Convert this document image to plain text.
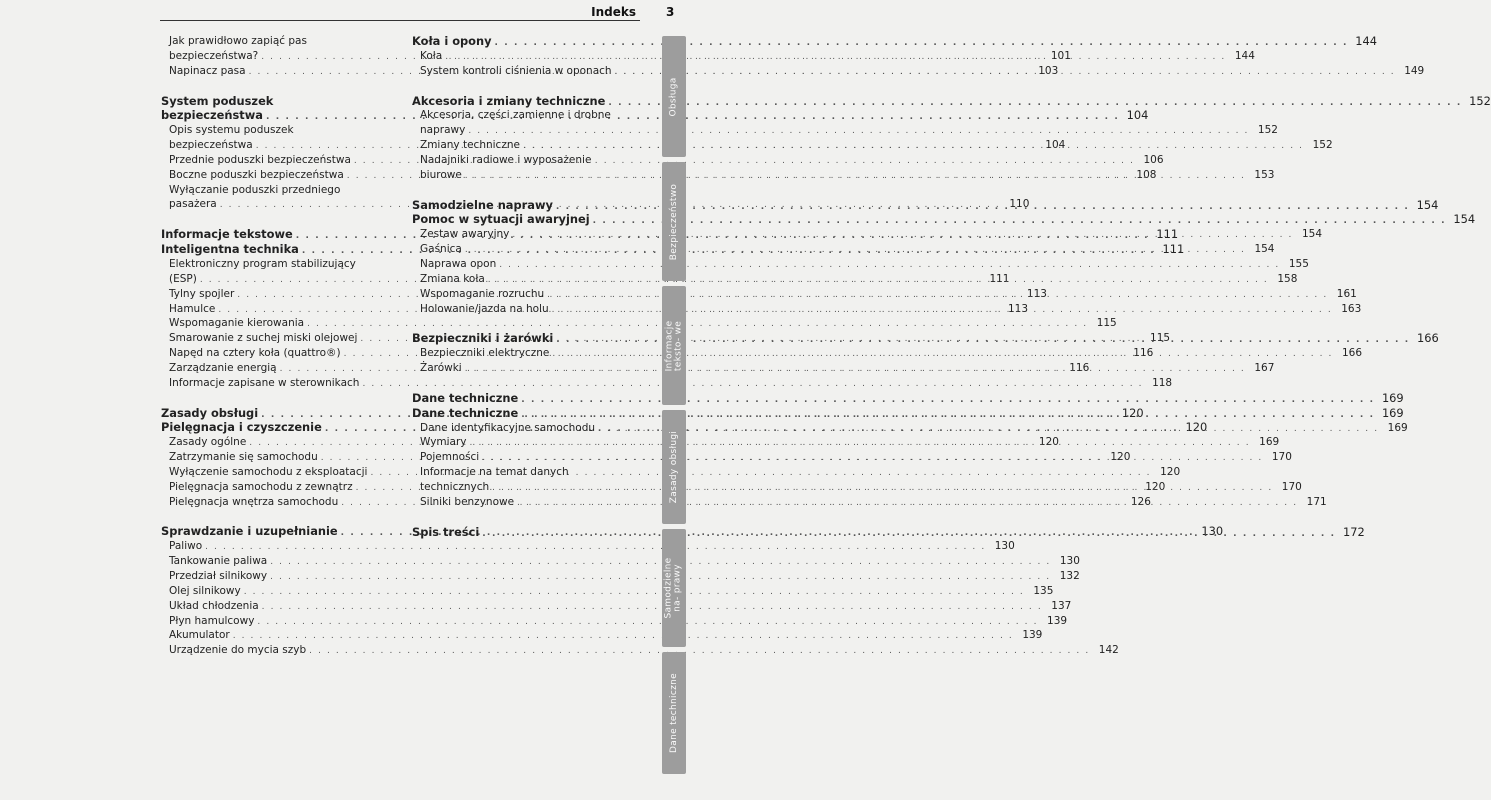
Indeks	3
Jak prawidłowo zapiąć pas
bezpieczeństwa? . . .	101
Napinacz pasa . . .	103
System poduszek
bezpieczeństwa . . .	104
Opis systemu poduszek
bezpieczeństwa . . .	104
Przednie poduszki bezpieczeństwa . . .	106
Boczne poduszki bezpieczeństwa . . .	108
Wyłączanie poduszki przedniego
pasażera . . .	110
Informacje tekstowe . . .	111
Inteligentna technika . . .	111
Elektroniczny program stabilizujący
(ESP) . . .	111
Tylny spojler . . .	113
Hamulce . . .	113
Wspomaganie kierowania . . .	115
Smarowanie z suchej miski olejowej . . .	115
Napęd na cztery koła (quattro®) . . .	116
Zarządzanie energią . . .	116
Informacje zapisane w sterownikach . . .	118
Zasady obsługi . . .	120
Pielęgnacja i czyszczenie . . .	120
Zasady ogólne . . .	120
Zatrzymanie się samochodu . . .	120
Wyłączenie samochodu z eksploatacji . . .	120
Pielęgnacja samochodu z zewnątrz . . .	120
Pielęgnacja wnętrza samochodu . . .	126
Sprawdzanie i uzupełnianie . . .	130
Paliwo . . .	130
Tankowanie paliwa . . .	130
Przedział silnikowy . . .	132
Olej silnikowy . . .	135
Układ chłodzenia . . .	137
Płyn hamulcowy . . .	139
Akumulator . . .	139
Urządzenie do mycia szyb . . .	142
Koła i opony . . .	144
Koła . . .	144
System kontroli ciśnienia w oponach . . .	149
Akcesoria i zmiany techniczne . . .	152
Akcesoria, części zamienne i drobne
naprawy . . .	152
Zmiany techniczne . . .	152
Nadajniki radiowe i wyposażenie
biurowe . . .	153
Samodzielne naprawy . . .	154
Pomoc w sytuacji awaryjnej . . .	154
Zestaw awaryjny . . .	154
Gaśnica . . .	154
Naprawa opon . . .	155
Zmiana koła . . .	158
Wspomaganie rozruchu . . .	161
Holowanie/jazda na holu . . .	163
Bezpieczniki i żarówki . . .	166
Bezpieczniki elektryczne . . .	166
Żarówki . . .	167
Dane techniczne . . .	169
Dane techniczne . . .	169
Dane identyfikacyjne samochodu . . .	169
Wymiary . . .	169
Pojemności . . .	170
Informacje na temat danych
technicznych . . .	170
Silniki benzynowe . . .	171
Spis treści . . .	172
Obsługa
Bezpieczeństwo
Informacje teksto- we
Zasady obsługi
Samodzielne na- prawy
Dane techniczne
